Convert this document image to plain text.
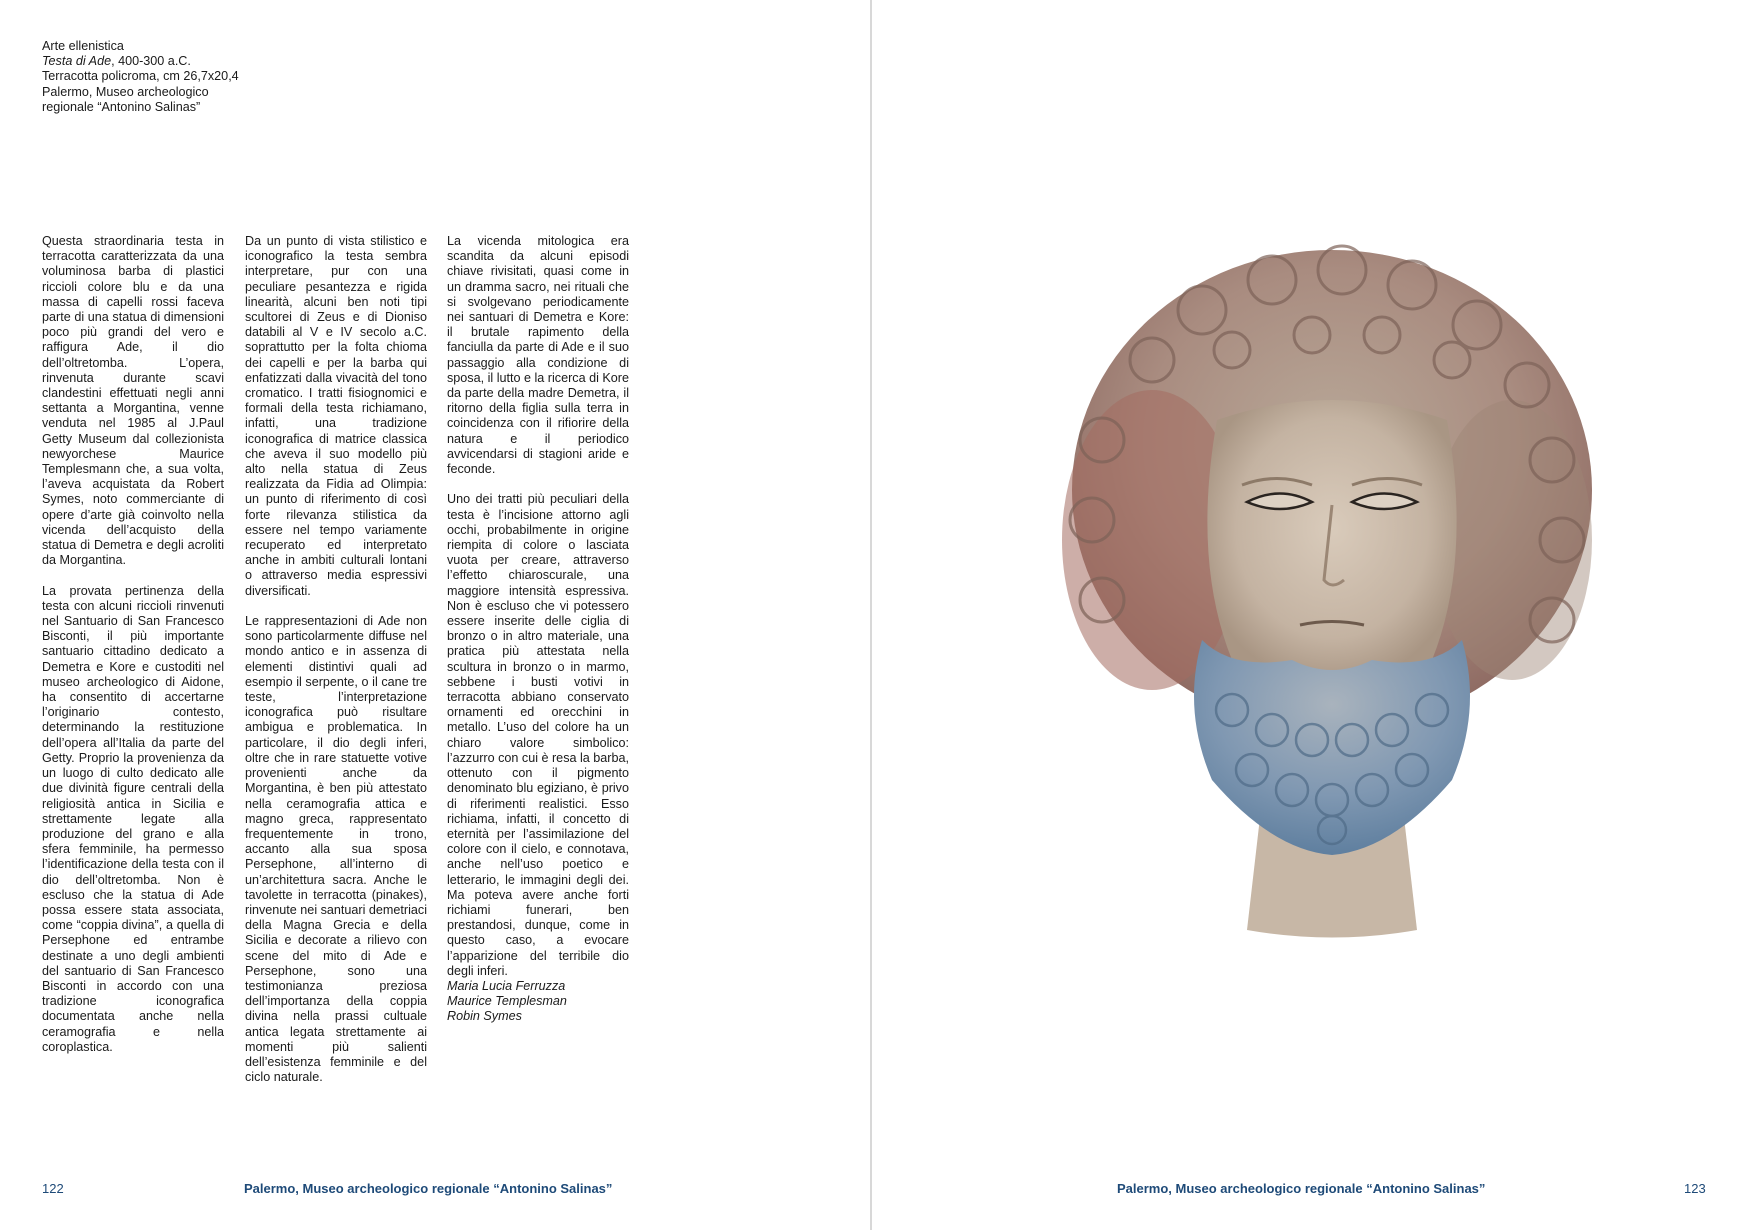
Arte ellenistica
Testa di Ade, 400-300 a.C.
Terracotta policroma, cm 26,7x20,4
Palermo, Museo archeologico
regionale “Antonino Salinas”

Questa straordinaria testa in terracotta caratterizzata da una voluminosa barba di plastici riccioli colore blu e da una massa di capelli rossi faceva parte di una statua di dimensioni poco più grandi del vero e raffigura Ade, il dio dell’oltretomba. L’opera, rinvenuta durante scavi clandestini effettuati negli anni settanta a Morgantina, venne venduta nel 1985 al J.Paul Getty Museum dal collezionista newyorchese Maurice Templesmann che, a sua volta, l’aveva acquistata da Robert Symes, noto commerciante di opere d’arte già coinvolto nella vicenda dell’acquisto della statua di Demetra e degli acroliti da Morgantina.

La provata pertinenza della testa con alcuni riccioli rinvenuti nel Santuario di San Francesco Bisconti, il più importante santuario cittadino dedicato a Demetra e Kore e custoditi nel museo archeologico di Aidone, ha consentito di accertarne l’originario contesto, determinando la restituzione dell’opera all’Italia da parte del Getty. Proprio la provenienza da un luogo di culto dedicato alle due divinità figure centrali della religiosità antica in Sicilia e strettamente legate alla produzione del grano e alla sfera femminile, ha permesso l’identificazione della testa con il dio dell’oltretomba. Non è escluso che la statua di Ade possa essere stata associata, come “coppia divina”, a quella di Persephone ed entrambe destinate a uno degli ambienti del santuario di San Francesco Bisconti in accordo con una tradizione iconografica documentata anche nella ceramografia e nella coroplastica.

Da un punto di vista stilistico e iconografico la testa sembra interpretare, pur con una peculiare pesantezza e rigida linearità, alcuni ben noti tipi scultorei di Zeus e di Dioniso databili al V e IV secolo a.C. soprattutto per la folta chioma dei capelli e per la barba qui enfatizzati dalla vivacità del tono cromatico. I tratti fisiognomici e formali della testa richiamano, infatti, una tradizione iconografica di matrice classica che aveva il suo modello più alto nella statua di Zeus realizzata da Fidia ad Olimpia: un punto di riferimento di così forte rilevanza stilistica da essere nel tempo variamente recuperato ed interpretato anche in ambiti culturali lontani o attraverso media espressivi diversificati.

Le rappresentazioni di Ade non sono particolarmente diffuse nel mondo antico e in assenza di elementi distintivi quali ad esempio il serpente, o il cane tre teste, l’interpretazione iconografica può risultare ambigua e problematica. In particolare, il dio degli inferi, oltre che in rare statuette votive provenienti anche da Morgantina, è ben più attestato nella ceramografia attica e magno greca, rappresentato frequentemente in trono, accanto alla sua sposa Persephone, all’interno di un’architettura sacra. Anche le tavolette in terracotta (pinakes), rinvenute nei santuari demetriaci della Magna Grecia e della Sicilia e decorate a rilievo con scene del mito di Ade e Persephone, sono una testimonianza preziosa dell’importanza della coppia divina nella prassi cultuale antica legata strettamente ai momenti più salienti dell’esistenza femminile e del ciclo naturale.

La vicenda mitologica era scandita da alcuni episodi chiave rivisitati, quasi come in un dramma sacro, nei rituali che si svolgevano periodicamente nei santuari di Demetra e Kore: il brutale rapimento della fanciulla da parte di Ade e il suo passaggio alla condizione di sposa, il lutto e la ricerca di Kore da parte della madre Demetra, il ritorno della figlia sulla terra in coincidenza con il rifiorire della natura e il periodico avvicendarsi di stagioni aride e feconde.

Uno dei tratti più peculiari della testa è l’incisione attorno agli occhi, probabilmente in origine riempita di colore o lasciata vuota per creare, attraverso l’effetto chiaroscurale, una maggiore intensità espressiva. Non è escluso che vi potessero essere inserite delle ciglia di bronzo o in altro materiale, una pratica più attestata nella scultura in bronzo o in marmo, sebbene i busti votivi in terracotta abbiano conservato ornamenti ed orecchini in metallo. L’uso del colore ha un chiaro valore simbolico: l’azzurro con cui è resa la barba, ottenuto con il pigmento denominato blu egiziano, è privo di riferimenti realistici. Esso richiama, infatti, il concetto di eternità per l’assimilazione del colore con il cielo, e connotava, anche nell’uso poetico e letterario, le immagini degli dei. Ma poteva avere anche forti richiami funerari, ben prestandosi, dunque, come in questo caso, a evocare l’apparizione del terribile dio degli inferi.

Maria Lucia Ferruzza
Maurice Templesman
Robin Symes
122	Palermo, Museo archeologico regionale “Antonino Salinas”	Palermo, Museo archeologico regionale “Antonino Salinas”	123
